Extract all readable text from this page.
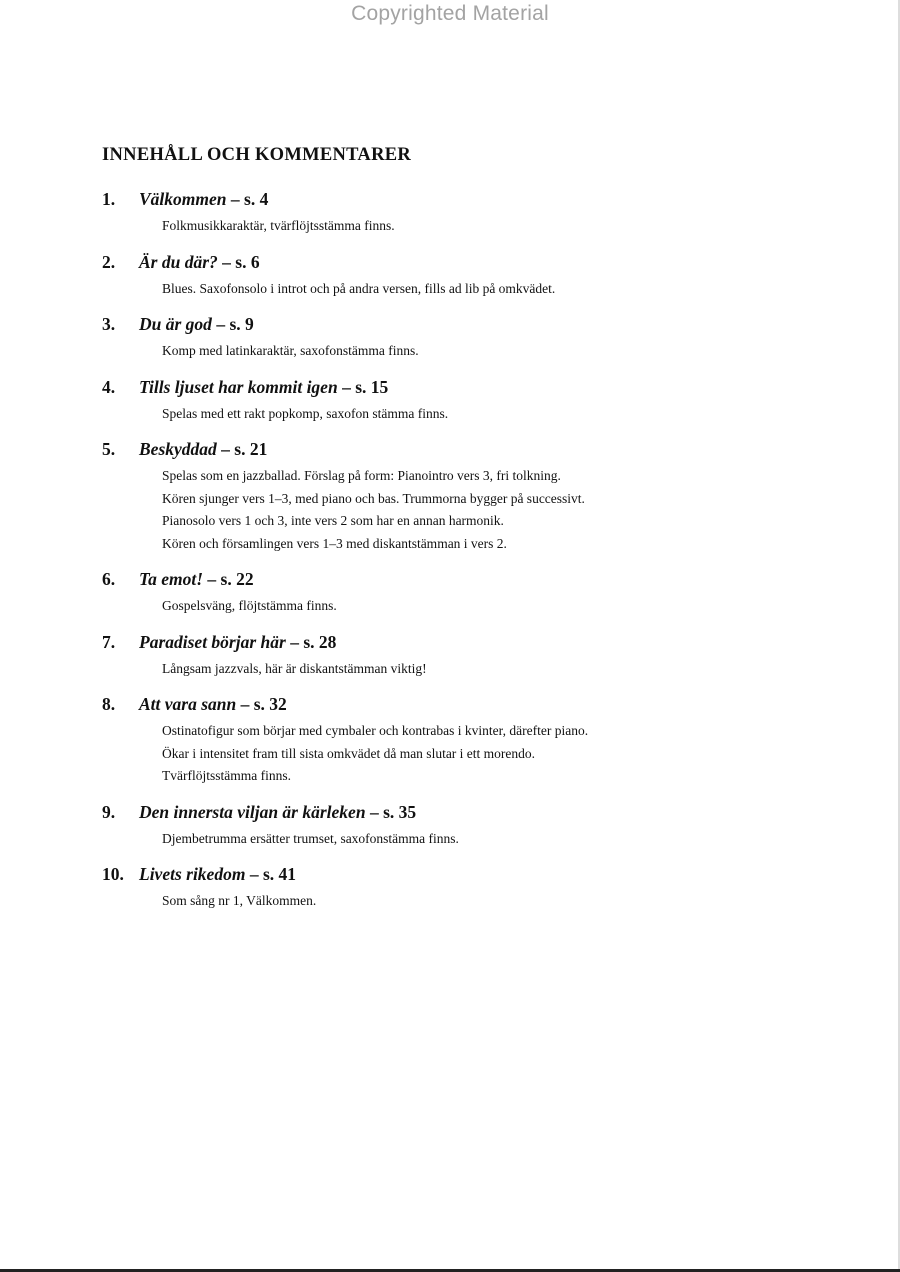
Copyrighted Material
INNEHÅLL OCH KOMMENTARER
1. Välkommen – s. 4
Folkmusikkaraktär, tvärflöjtsstämma finns.
2. Är du där? – s. 6
Blues. Saxofonsolo i introt och på andra versen, fills ad lib på omkvädet.
3. Du är god – s. 9
Komp med latinkaraktär, saxofonstämma finns.
4. Tills ljuset har kommit igen – s. 15
Spelas med ett rakt popkomp, saxofon stämma finns.
5. Beskyddad – s. 21
Spelas som en jazzballad. Förslag på form: Pianointro vers 3, fri tolkning.
Kören sjunger vers 1–3, med piano och bas. Trummorna bygger på successivt.
Pianosolo vers 1 och 3, inte vers 2 som har en annan harmonik.
Kören och församlingen vers 1–3 med diskantstämman i vers 2.
6. Ta emot! – s. 22
Gospelsväng, flöjtstämma finns.
7. Paradiset börjar här – s. 28
Långsam jazzvals, här är diskantstämman viktig!
8. Att vara sann – s. 32
Ostinatofigur som börjar med cymbaler och kontrabas i kvinter, därefter piano.
Ökar i intensitet fram till sista omkvädet då man slutar i ett morendo.
Tvärflöjtsstämma finns.
9. Den innersta viljan är kärleken – s. 35
Djembetrumma ersätter trumset, saxofonstämma finns.
10. Livets rikedom – s. 41
Som sång nr 1, Välkommen.
